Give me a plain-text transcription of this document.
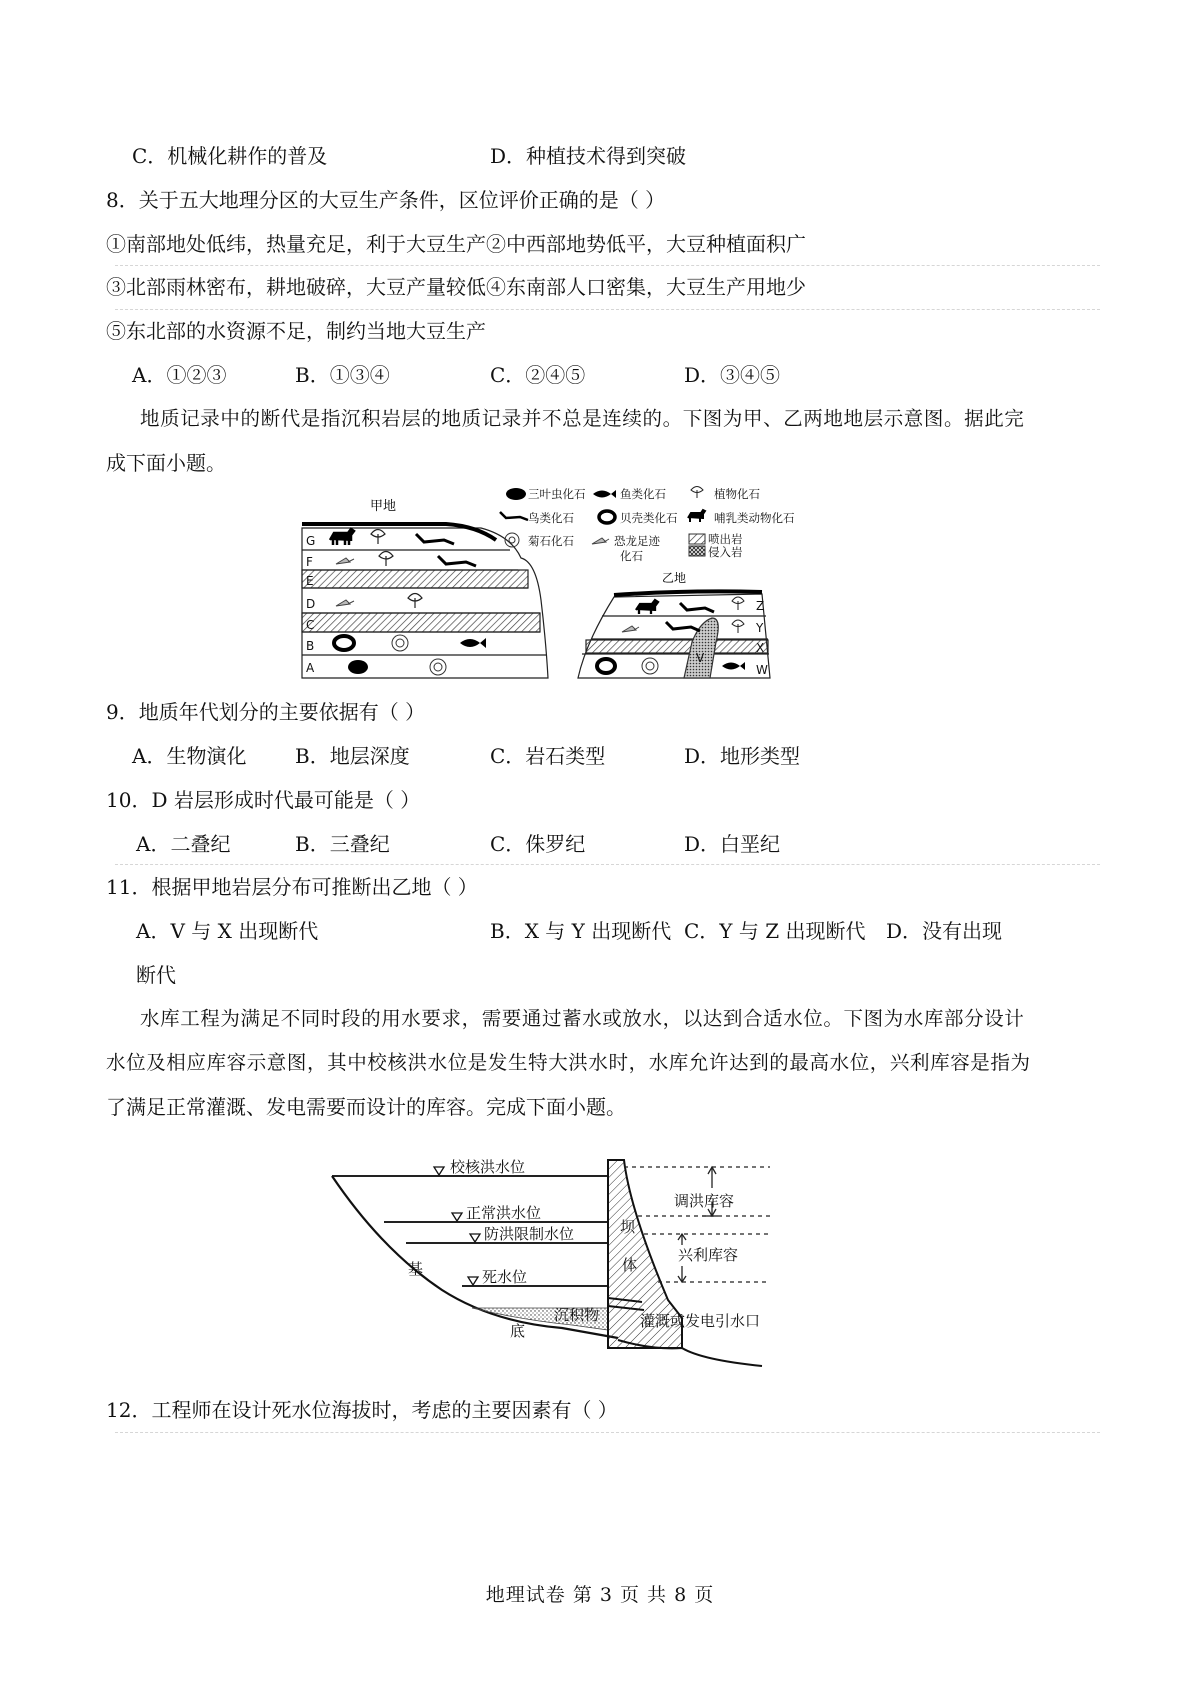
C．机械化耕作的普及	D．种植技术得到突破
8．关于五大地理分区的大豆生产条件，区位评价正确的是（ ）
①南部地处低纬，热量充足，利于大豆生产②中西部地势低平，大豆种植面积广
③北部雨林密布，耕地破碎，大豆产量较低④东南部人口密集，大豆生产用地少
⑤东北部的水资源不足，制约当地大豆生产
A．①②③	B．①③④	C．②④⑤	D．③④⑤
地质记录中的断代是指沉积岩层的地质记录并不总是连续的。下图为甲、乙两地地层示意图。据此完
成下面小题。
甲地
G
F
E
D
C
B
A
三叶虫化石	鱼类化石	植物化石
鸟类化石	贝壳类化石	哺乳类动物化石
菊石化石	恐龙足迹
化石
喷出岩
侵入岩
乙地
Z
Y
X
W
V
9．地质年代划分的主要依据有（ ）
A．生物演化 B．地层深度	C．岩石类型	D．地形类型
10．D 岩层形成时代最可能是（ ）
A．二叠纪	B．三叠纪	C．侏罗纪	D．白垩纪
11．根据甲地岩层分布可推断出乙地（ ）
A．V 与 X 出现断代	B．X 与 Y 出现断代 C．Y 与 Z 出现断代 D．没有出现
断代
水库工程为满足不同时段的用水要求，需要通过蓄水或放水，以达到合适水位。下图为水库部分设计
水位及相应库容示意图，其中校核洪水位是发生特大洪水时，水库允许达到的最高水位，兴利库容是指为
了满足正常灌溉、发电需要而设计的库容。完成下面小题。
校核洪水位
正常洪水位
防洪限制水位
死水位
调洪库容
兴利库容
坝
体
基
底
沉积物	灌溉或发电引水口
12．工程师在设计死水位海拔时，考虑的主要因素有（ ）
地理试卷 第 3 页 共 8 页
